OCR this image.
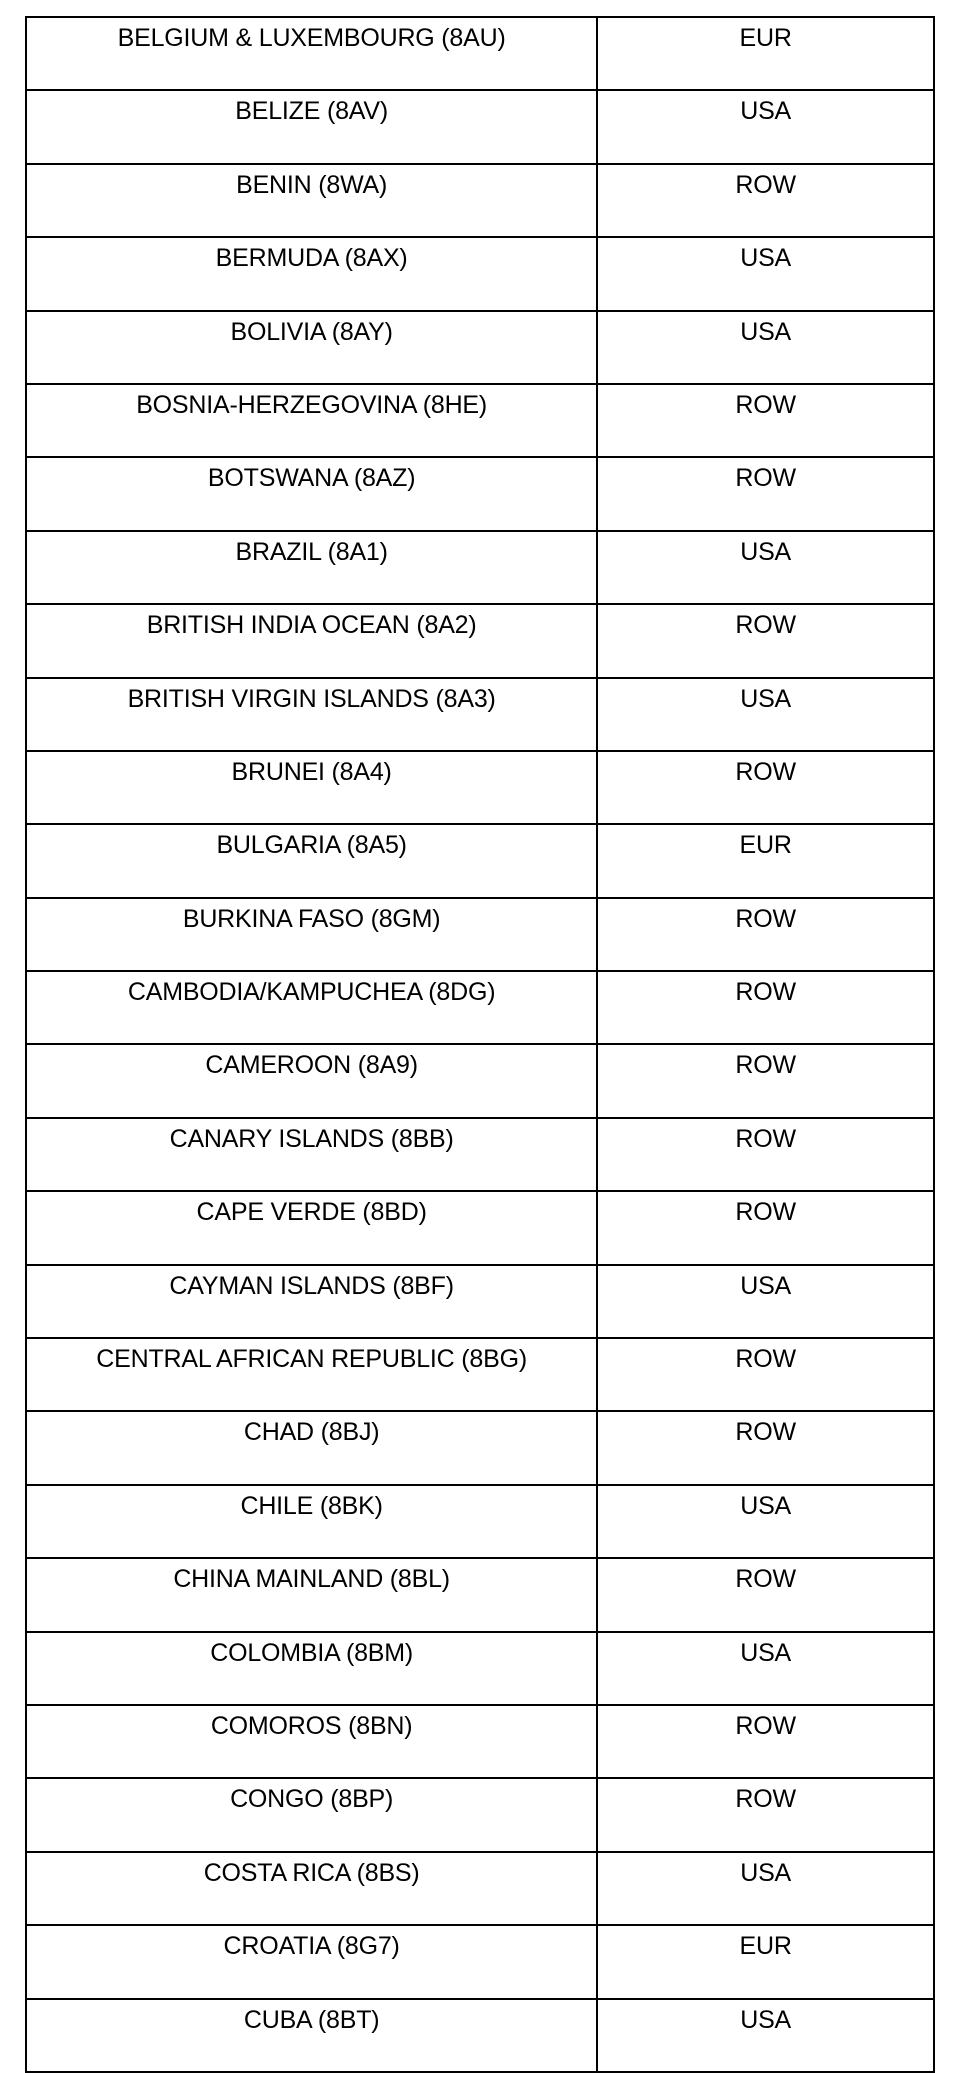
BELGIUM & LUXEMBOURG (8AU)	EUR
BELIZE (8AV)	USA
BENIN (8WA)	ROW
BERMUDA (8AX)	USA
BOLIVIA (8AY)	USA
BOSNIA-HERZEGOVINA (8HE)	ROW
BOTSWANA (8AZ)	ROW
BRAZIL (8A1)	USA
BRITISH INDIA OCEAN (8A2)	ROW
BRITISH VIRGIN ISLANDS (8A3)	USA
BRUNEI (8A4)	ROW
BULGARIA (8A5)	EUR
BURKINA FASO (8GM)	ROW
CAMBODIA/KAMPUCHEA (8DG)	ROW
CAMEROON (8A9)	ROW
CANARY ISLANDS (8BB)	ROW
CAPE VERDE (8BD)	ROW
CAYMAN ISLANDS (8BF)	USA
CENTRAL AFRICAN REPUBLIC (8BG)	ROW
CHAD (8BJ)	ROW
CHILE (8BK)	USA
CHINA MAINLAND (8BL)	ROW
COLOMBIA (8BM)	USA
COMOROS (8BN)	ROW
CONGO (8BP)	ROW
COSTA RICA (8BS)	USA
CROATIA (8G7)	EUR
CUBA (8BT)	USA
